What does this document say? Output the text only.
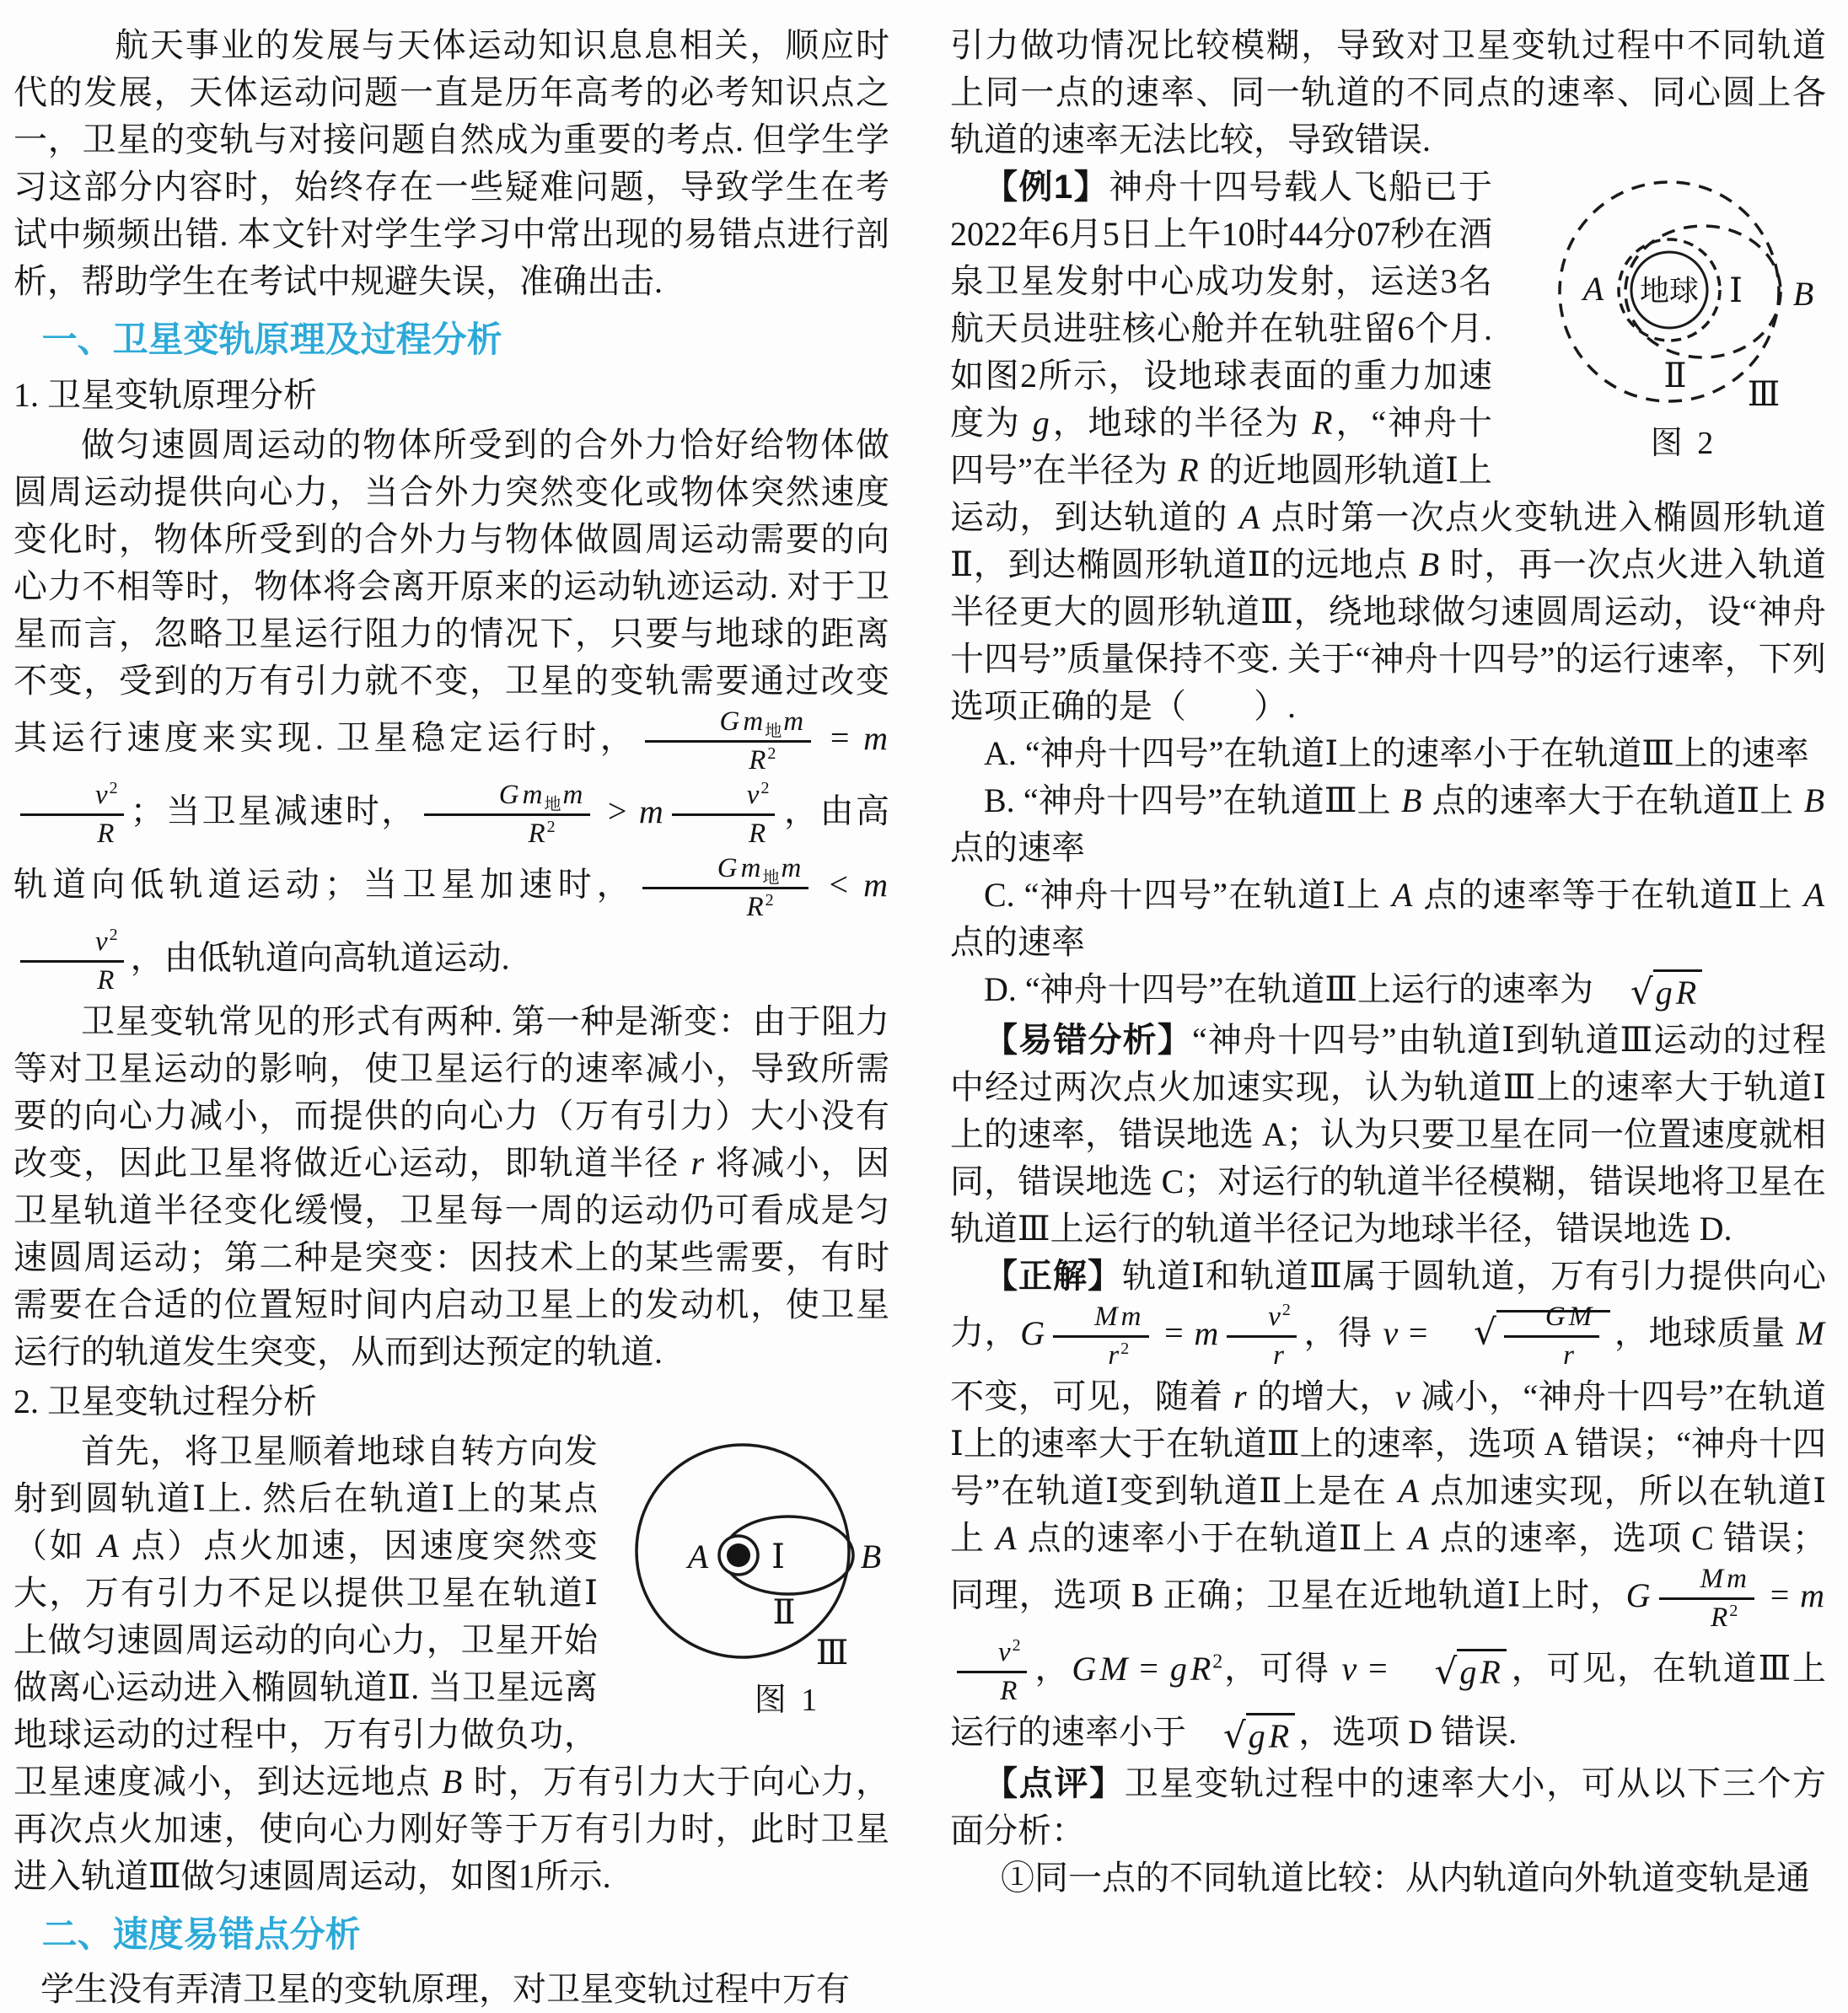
航天事业的发展与天体运动知识息息相关，顺应时代的发展，天体运动问题一直是历年高考的必考知识点之一，卫星的变轨与对接问题自然成为重要的考点. 但学生学习这部分内容时，始终存在一些疑难问题，导致学生在考试中频频出错. 本文针对学生学习中常出现的易错点进行剖析，帮助学生在考试中规避失误，准确出击.
一、卫星变轨原理及过程分析
1. 卫星变轨原理分析
做匀速圆周运动的物体所受到的合外力恰好给物体做圆周运动提供向心力，当合外力突然变化或物体突然速度变化时，物体所受到的合外力与物体做圆周运动需要的向心力不相等时，物体将会离开原来的运动轨迹运动. 对于卫星而言，忽略卫星运行阻力的情况下，只要与地球的距离不变，受到的万有引力就不变，卫星的变轨需要通过改变其运行速度来实现. 卫星稳定运行时， $\frac{G m _地m}{R ^2} = m$
$\frac{v ^2}{R}$ ；当卫星减速时， $\frac{G m _地m}{R ^2} > m \frac{v ^2}{R}$ ，由高轨道向低轨道运动；当卫星加速时， $\frac{G m _地m}{R ^2} < m$
$\frac{v ^2}{R}$ ，由低轨道向高轨道运动.
卫星变轨常见的形式有两种. 第一种是渐变：由于阻力等对卫星运动的影响，使卫星运行的速率减小，导致所需要的向心力减小，而提供的向心力（万有引力）大小没有改变，因此卫星将做近心运动，即轨道半径 r 将减小，因卫星轨道半径变化缓慢，卫星每一周的运动仍可看成是匀速圆周运动；第二种是突变：因技术上的某些需要，有时需要在合适的位置短时间内启动卫星上的发动机，使卫星运行的轨道发生突变，从而到达预定的轨道.
2. 卫星变轨过程分析
A Ⅰ B
Ⅱ
Ⅲ
图 1
首先，将卫星顺着地球自转方向发射到圆轨道Ⅰ上. 然后在轨道Ⅰ上的某点（如 A 点）点火加速，因速度突然变大，万有引力不足以提供卫星在轨道Ⅰ上做匀速圆周运动的向心力，卫星开始做离心运动进入椭圆轨道Ⅱ. 当卫星远离地球运动的过程中，万有引力做负功，卫星速度减小，到达远地点 B 时，万有引力大于向心力，再次点火加速，使向心力刚好等于万有引力时，此时卫星进入轨道Ⅲ做匀速圆周运动，如图1所示.
二、速度易错点分析
学生没有弄清卫星的变轨原理，对卫星变轨过程中万有
引力做功情况比较模糊，导致对卫星变轨过程中不同轨道上同一点的速率、同一轨道的不同点的速率、同心圆上各轨道的速率无法比较，导致错误.
地球
A	Ⅰ B
Ⅱ Ⅲ
图 2
【例1】神舟十四号载人飞船已于2022年6月5日上午10时44分07秒在酒泉卫星发射中心成功发射，运送3名航天员进驻核心舱并在轨驻留6个月. 如图2所示，设地球表面的重力加速度为 g，地球的半径为 R，“神舟十四号”在半径为 R 的近地圆形轨道Ⅰ上运动，到达轨道的 A 点时第一次点火变轨进入椭圆形轨道Ⅱ，到达椭圆形轨道Ⅱ的远地点 B 时，再一次点火进入轨道半径更大的圆形轨道Ⅲ，绕地球做匀速圆周运动，设“神舟十四号”质量保持不变. 关于“神舟十四号”的运行速率，下列选项正确的是（　　）.
A. “神舟十四号”在轨道Ⅰ上的速率小于在轨道Ⅲ上的速率
B. “神舟十四号”在轨道Ⅲ上 B 点的速率大于在轨道Ⅱ上 B 点的速率
C. “神舟十四号”在轨道Ⅰ上 A 点的速率等于在轨道Ⅱ上 A 点的速率
D. “神舟十四号”在轨道Ⅲ上运行的速率为 √g R
【易错分析】“神舟十四号”由轨道Ⅰ到轨道Ⅲ运动的过程中经过两次点火加速实现，认为轨道Ⅲ上的速率大于轨道Ⅰ上的速率，错误地选 A；认为只要卫星在同一位置速度就相同，错误地选 C；对运行的轨道半径模糊，错误地将卫星在轨道Ⅲ上运行的轨道半径记为地球半径，错误地选 D.
【正解】轨道Ⅰ和轨道Ⅲ属于圆轨道，万有引力提供向心力，G $\frac{\text{M m}}{r ^2} = m \frac{v ^2}{r}$ ，得 v = √ $\frac{\text{G M}}{r}$ ，地球质量 M 不变，可见，随着 r 的增大，v 减小，“神舟十四号”在轨道Ⅰ上的速率大于在轨道Ⅲ上的速率，选项 A 错误；“神舟十四号”在轨道Ⅰ变到轨道Ⅱ上是在 A 点加速实现，所以在轨道Ⅰ上 A 点的速率小于在轨道Ⅱ上 A 点的速率，选项 C 错误；同理，选项 B 正确；卫星在近地轨道Ⅰ上时，G $\frac{\text{M m}}{R ^2} = m$
$\frac{v ^2}{R}$ ，G M = g $R^2$，可得 v = √g R ，可见，在轨道Ⅲ上运行的速率小于 √g R ，选项 D 错误.
【点评】卫星变轨过程中的速率大小，可从以下三个方面分析：
①同一点的不同轨道比较：从内轨道向外轨道变轨是通
